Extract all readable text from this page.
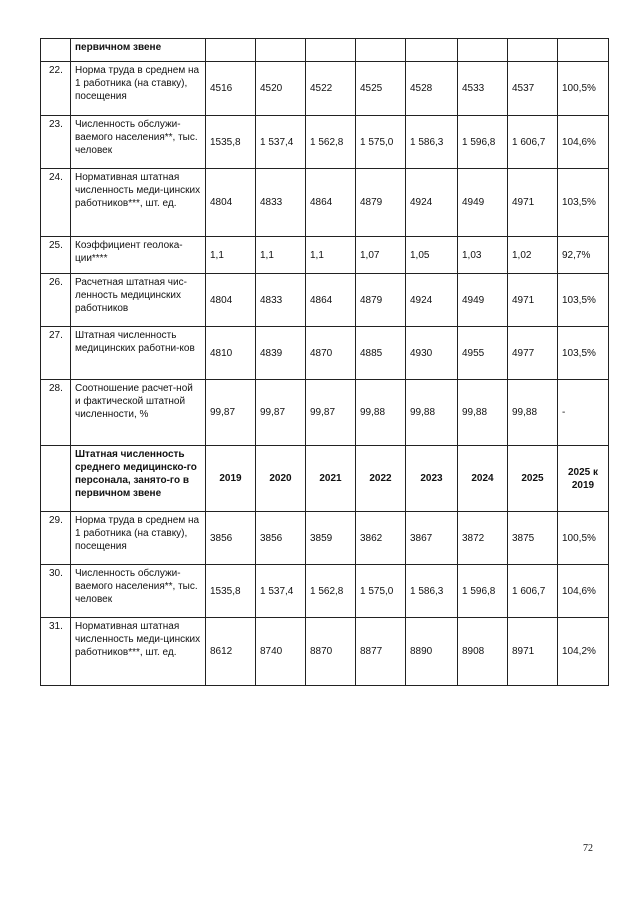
	первичном звене								
22.	Норма труда в среднем на 1 работника (на ставку), посещения	4516	4520	4522	4525	4528	4533	4537	100,5%
23.	Численность обслужи-ваемого населения**, тыс. человек	1535,8	1 537,4	1 562,8	1 575,0	1 586,3	1 596,8	1 606,7	104,6%
24.	Нормативная штатная численность меди-цинских работников***, шт. ед.	4804	4833	4864	4879	4924	4949	4971	103,5%
25.	Коэффициент геолока-ции****	1,1	1,1	1,1	1,07	1,05	1,03	1,02	92,7%
26.	Расчетная штатная чис-ленность медицинских работников	4804	4833	4864	4879	4924	4949	4971	103,5%
27.	Штатная численность медицинских работни-ков	4810	4839	4870	4885	4930	4955	4977	103,5%
28.	Соотношение расчет-ной и фактической штатной численности, %	99,87	99,87	99,87	99,88	99,88	99,88	99,88	-
	Штатная численность среднего медицинско-го персонала, занято-го в первичном звене	2019	2020	2021	2022	2023	2024	2025	2025 к 2019
29.	Норма труда в среднем на 1 работника (на ставку), посещения	3856	3856	3859	3862	3867	3872	3875	100,5%
30.	Численность обслужи-ваемого населения**, тыс. человек	1535,8	1 537,4	1 562,8	1 575,0	1 586,3	1 596,8	1 606,7	104,6%
31.	Нормативная штатная численность меди-цинских работников***, шт. ед.	8612	8740	8870	8877	8890	8908	8971	104,2%
72
